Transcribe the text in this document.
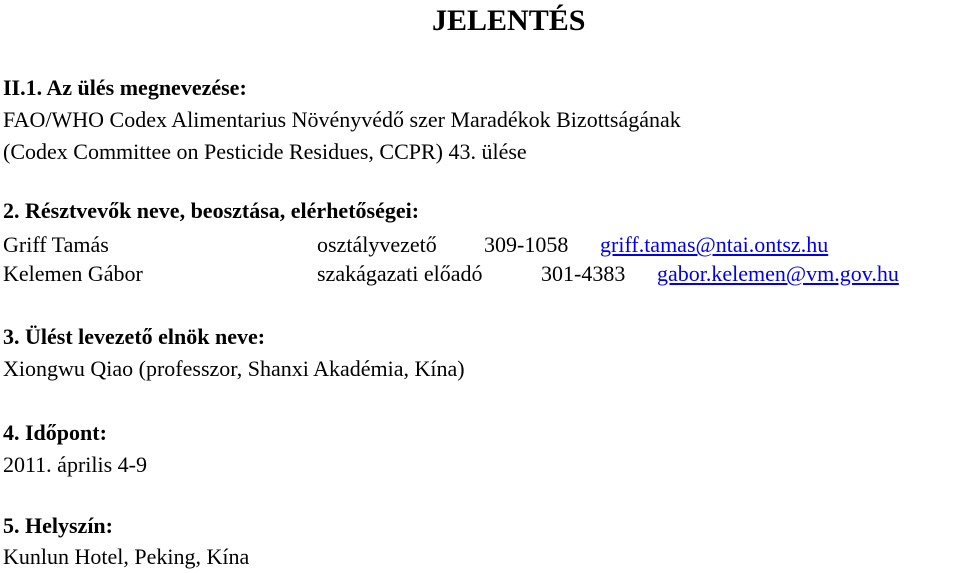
JELENTÉS
II.1. Az ülés megnevezése:
FAO/WHO Codex Alimentarius Növényvédő szer Maradékok Bizottságának
(Codex Committee on Pesticide Residues, CCPR) 43. ülése
2. Résztvevők neve, beosztása, elérhetőségei:
Griff Tamás	osztályvezető 309-1058 griff.tamas@ntai.ontsz.hu
Kelemen Gábor	szakágazati előadó	301-4383 gabor.kelemen@vm.gov.hu
3. Ülést levezető elnök neve:
Xiongwu Qiao (professzor, Shanxi Akadémia, Kína)
4. Időpont:
2011. április 4-9
5. Helyszín:
Kunlun Hotel, Peking, Kína
